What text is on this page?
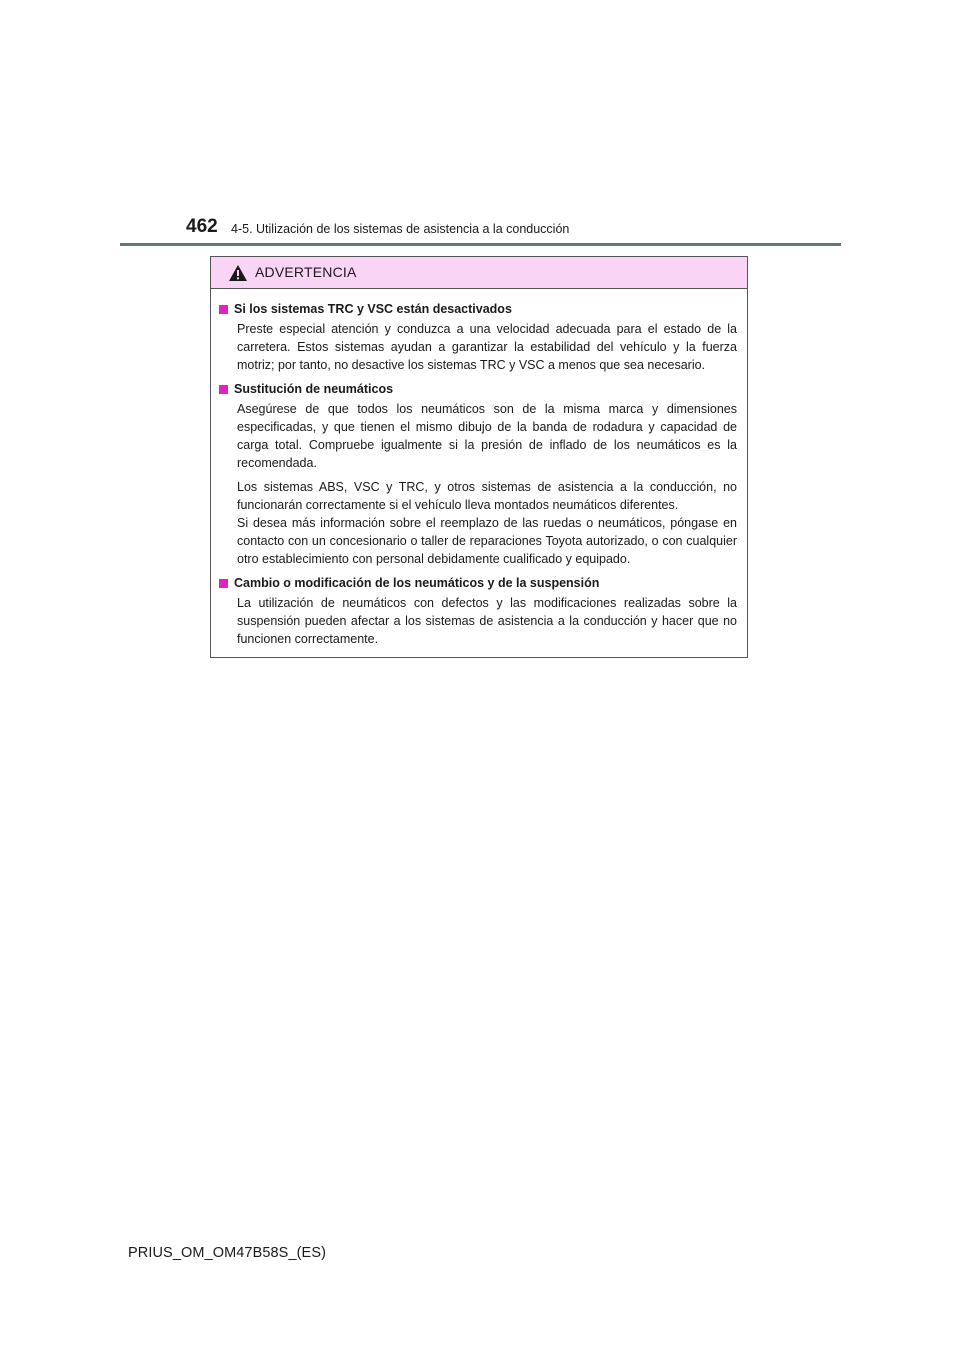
462 4-5. Utilización de los sistemas de asistencia a la conducción
ADVERTENCIA
Si los sistemas TRC y VSC están desactivados
Preste especial atención y conduzca a una velocidad adecuada para el estado de la carretera. Estos sistemas ayudan a garantizar la estabilidad del vehículo y la fuerza motriz; por tanto, no desactive los sistemas TRC y VSC a menos que sea necesario.
Sustitución de neumáticos
Asegúrese de que todos los neumáticos son de la misma marca y dimensiones especificadas, y que tienen el mismo dibujo de la banda de rodadura y capacidad de carga total. Compruebe igualmente si la presión de inflado de los neumáticos es la recomendada.
Los sistemas ABS, VSC y TRC, y otros sistemas de asistencia a la conducción, no funcionarán correctamente si el vehículo lleva montados neumáticos diferentes.
Si desea más información sobre el reemplazo de las ruedas o neumáticos, póngase en contacto con un concesionario o taller de reparaciones Toyota autorizado, o con cualquier otro establecimiento con personal debidamente cualificado y equipado.
Cambio o modificación de los neumáticos y de la suspensión
La utilización de neumáticos con defectos y las modificaciones realizadas sobre la suspensión pueden afectar a los sistemas de asistencia a la conducción y hacer que no funcionen correctamente.
PRIUS_OM_OM47B58S_(ES)
